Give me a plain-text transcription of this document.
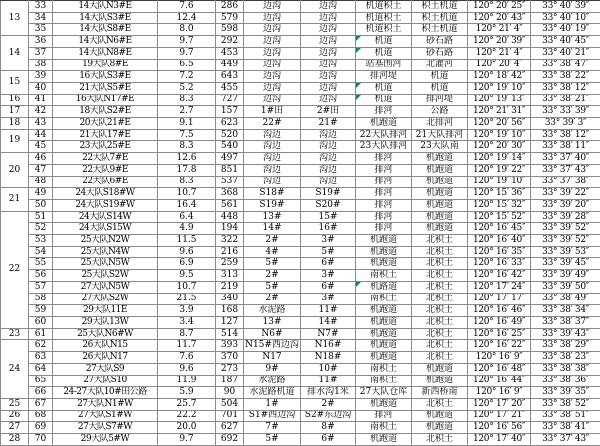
13	33	14大队N3#E	7.6	286	边沟	边沟	机道积土	积土机道	120° 20′ 25″	33° 40′ 39″
	34	14大队S3#E	12.4	579	边沟	边沟	机道积土	积土机道	120° 20′ 43″	33° 40′ 10″
	35	14大队S8#E	8.0	598	边沟	边沟	机道积土	积土机道	120° 21′ 4″	33° 40′ 19″
14	36	14大队N6#E	9.7	292	边沟	边沟	机道	砂石路	120° 20′ 39″	33° 40′ 45″
	37	14大队N8#E	9.7	453	边沟	边沟	机道	砂石路	120° 21′ 4″	33° 40′ 21″
	38	19大队8#E	6.5	449	边沟	边沟	站基围河	北灌河	120° 20′ 4″	33° 38′ 47″
15	39	16大队S3#E	7.2	643	边沟	边沟	排河堤	机道	120° 18′ 42″	33° 38′ 22″
	40	21大队S5#E	5.2	455	边沟	边沟	机道	机道	120° 19′ 10″	33° 38′ 12″
16	41	16大队N17#E	8.3	727	边沟	边沟	机道	排河堤	120° 19′ 13″	33° 38′ 21″
17	42	18大队S2#E	2.7	157	1#田	2#田	排河	公路	120° 21′ 31″	33° 33′ 39″
18	43	20大队21#E	9.1	623	22#	21#	机跑道	北排河	120° 20′ 56″	33° 39′ 3″
19	44	21大队17#E	7.5	520	沟边	沟边	22大队排河	21大队排河	120° 19′ 10″	33° 38′ 12″
	45	23大队25#E	8.3	540	沟边	沟边	23大队排河	23大队南	120° 20′ 30″	33° 38′ 11″
20	46	22大队7#E	12.6	497	沟边	沟边	排河	机跑道	120° 19′ 14″	33° 37′ 40″
	47	22大队9#E	17.8	851	沟边	沟边	排河	机跑道	120° 19′ 22″	33° 37′ 43″
	48	22大队6#E	8.3	537	沟边	沟边	排河	机跑道	120° 19′ 10″	33° 37′ 38″
21	49	24大队S18#W	10.7	368	S18#	S19#	排河	机跑道	120° 15′ 36″	33° 39′ 22″
	50	24大队S19#W	16.4	561	S19#	S20#	排河	机跑道	120° 15′ 32″	33° 39′ 20″
22	51	24大队S14W	6.4	448	13#	15#	排河	机跑道	120° 15′ 52″	33° 39′ 28″
	52	24大队S15W	4.9	194	14#	16#	排河	机跑道	120° 16′ 45″	33° 39′ 52″
	53	25大队N2W	11.5	322	2#	3#	机跑道	北积土	120° 16′ 40″	33° 39′ 52″
	54	25大队N4W	9.6	216	4#	5#	机跑道	北积土	120° 16′ 35″	33° 39′ 53″
	55	25大队N5W	6.9	259	5#	6#	机跑道	北积土	120° 16′ 33″	33° 39′ 45″
	56	25大队S2W	9.5	313	2#	3#	南积土	北积土	120° 16′ 42″	33° 39′ 49″
	57	27大队N5W	10.7	219	5#	6#	机路道	北积土	120° 17′ 24″	33° 39′ 50″
	58	27大队S2W	21.5	340	2#	3#	南积土	北积土	120° 17′ 17″	33° 38′ 49″
	59	29大队11E	3.9	168	水泥路	11#	机跑道	北积土	120° 16′ 46″	33° 38′ 34″
	60	29大队13W	3.4	127	13#	14#	机跑道	北积土	120° 16′ 49″	33° 38′ 37″
23	61	25大队N6#W	8.7	514	N6#	N7#	机跑道	北积土	120° 16′ 25″	33° 39′ 43″
24	62	26大队N15	11.7	393	N15#西边沟	N16#	机跑道	北积土	120° 16′ 22″	33° 38′ 29″
	63	26大队N17	7.6	370	N17	N18#	机跑道	北积土	120° 16′ 9″	33° 38′ 23″
	64	27大队S9	9.6	273	9#	10#	南积土	机跑道	120° 16′ 48″	33° 38′ 38″
	65	27大队S10	11.9	187	水泥路	11#	南积土	机跑道	120° 16′ 44″	33° 38′ 36″
	66	24-27大队10#田公路	5.9	90	水泥路机道	排水沟1米	27大队仓库	新西桥南	120° 16′ 9″	33° 39′ 35″
25	67	27大队N1#W	25.7	504	1#	2#	机跑道	北积土	120° 17′ 20″	33° 38′ 52″
26	68	27大队S1#W	22.2	701	S1#西边沟	S2#东边沟	排河	机跑道	120° 17′ 21″	33° 38′ 51″
27	69	27大队S7#W	20.0	627	7#	8#	南积土	机跑道	120° 16′ 56″	33° 38′ 41″
28	70	29大队5#W	9.7	692	5#	6#	机跑道	北积土	120° 17′ 40″	33° 37′ 43″
